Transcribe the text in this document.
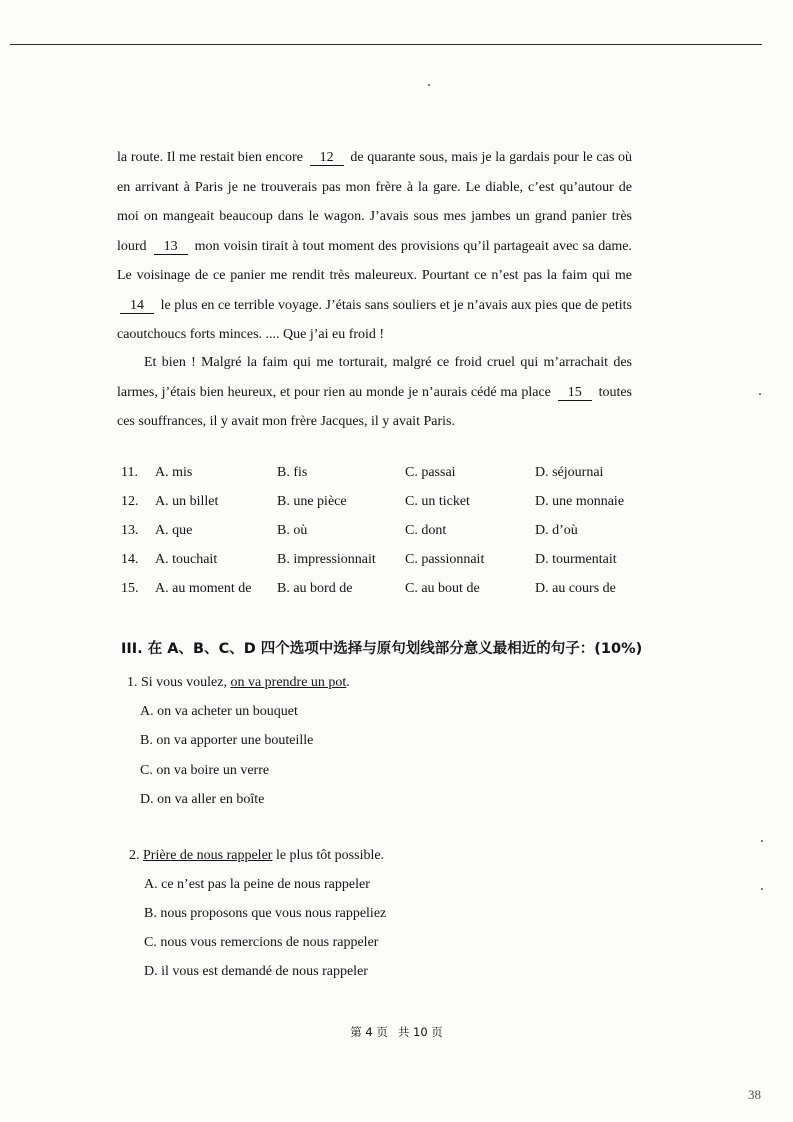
la route. Il me restait bien encore 12 de quarante sous, mais je la gardais pour le cas où en arrivant à Paris je ne trouverais pas mon frère à la gare. Le diable, c’est qu’autour de moi on mangeait beaucoup dans le wagon. J’avais sous mes jambes un grand panier très lourd 13 mon voisin tirait à tout moment des provisions qu’il partageait avec sa dame. Le voisinage de ce panier me rendit très maleureux. Pourtant ce n’est pas la faim qui me 14 le plus en ce terrible voyage. J’étais sans souliers et je n’avais aux pies que de petits caoutchoucs forts minces. .... Que j’ai eu froid !
Et bien ! Malgré la faim qui me torturait, malgré ce froid cruel qui m’arrachait des larmes, j’étais bien heureux, et pour rien au monde je n’aurais cédé ma place 15 toutes ces souffrances, il y avait mon frère Jacques, il y avait Paris.
11. A. mis	B. fis	C. passai	D. séjournai
12. A. un billet	B. une pièce	C. un ticket	D. une monnaie
13. A. que	B. où	C. dont	D. d’où
14. A. touchait	B. impressionnait C. passionnait	D. tourmentait
15. A. au moment de B. au bord de	C. au bout de	D. au cours de
III. 在 A、B、C、D 四个选项中选择与原句划线部分意义最相近的句子：(10%)
1. Si vous voulez, on va prendre un pot.
A. on va acheter un bouquet
B. on va apporter une bouteille
C. on va boire un verre
D. on va aller en boîte
2. Prière de nous rappeler le plus tôt possible.
A. ce n’est pas la peine de nous rappeler
B. nous proposons que vous nous rappeliez
C. nous vous remercions de nous rappeler
D. il vous est demandé de nous rappeler
第 4 页 共 10 页
38
